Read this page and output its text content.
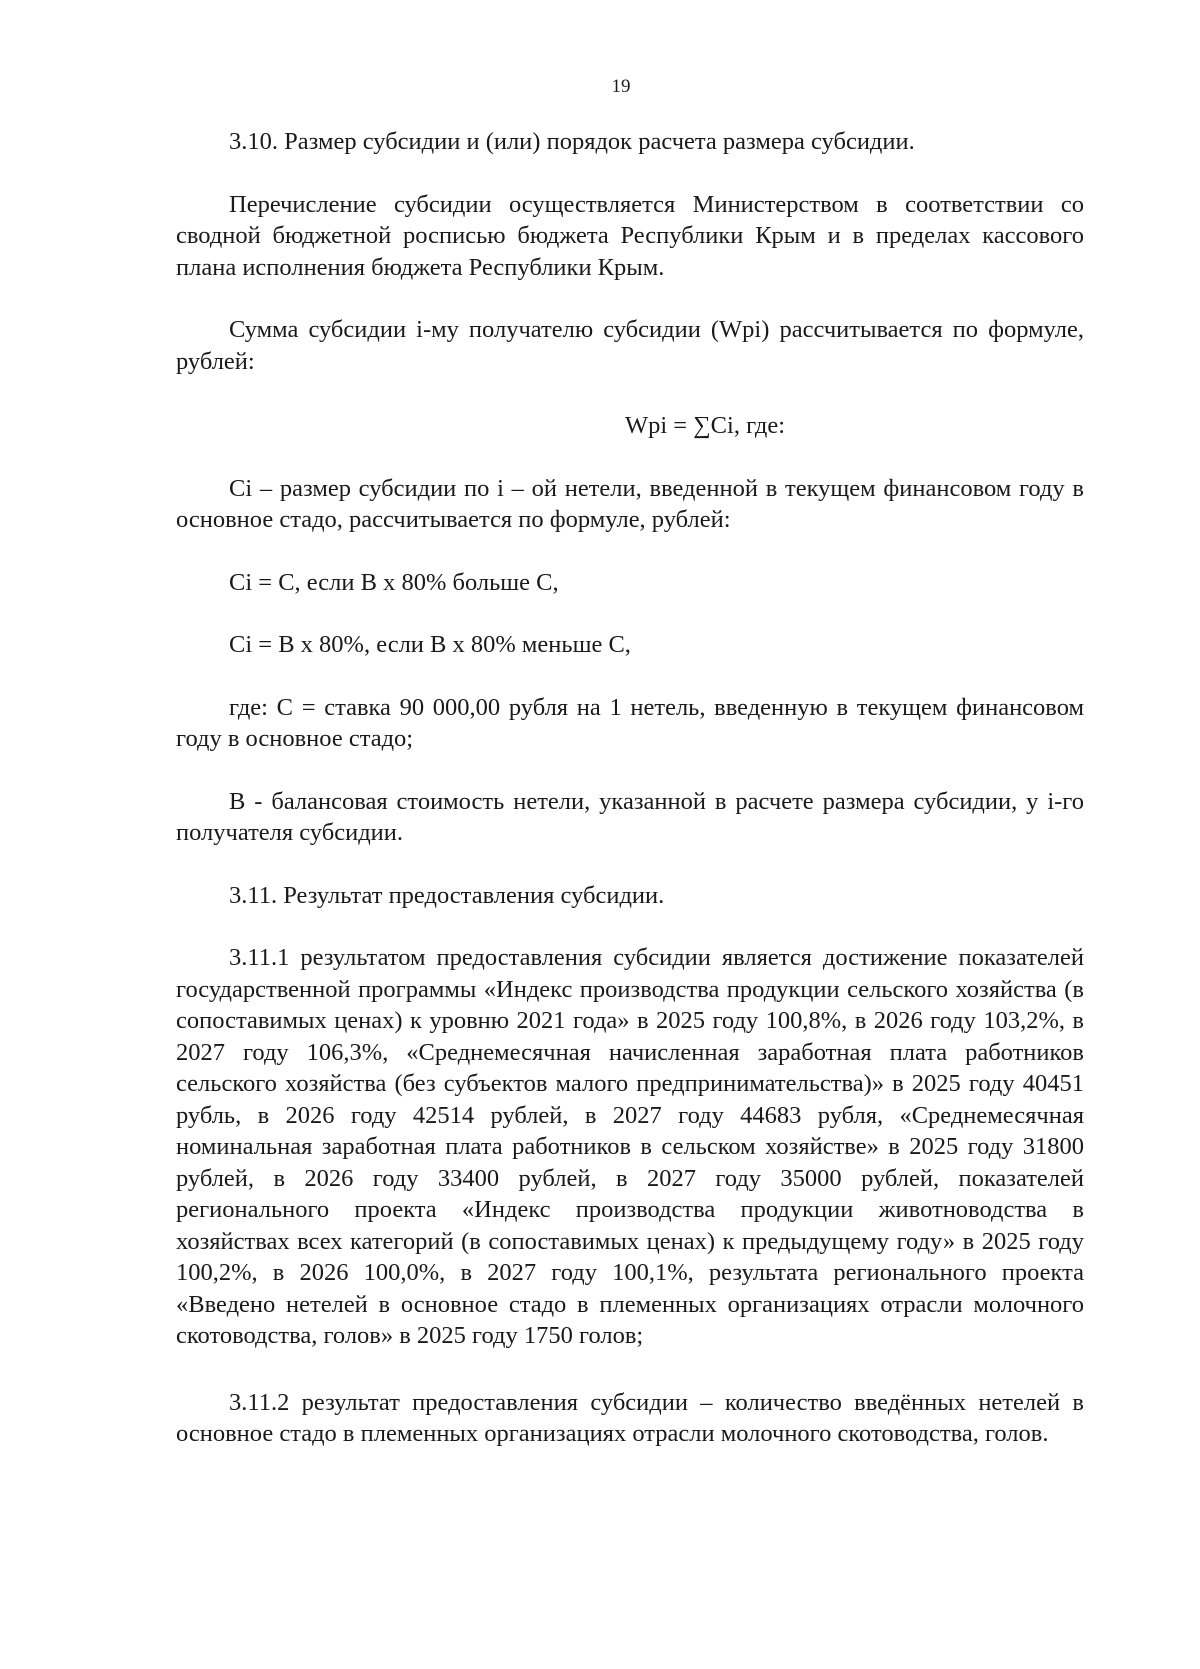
19

3.10. Размер субсидии и (или) порядок расчета размера субсидии.

Перечисление субсидии осуществляется Министерством в соответствии со сводной бюджетной росписью бюджета Республики Крым и в пределах кассового плана исполнения бюджета Республики Крым.

Сумма субсидии i-му получателю субсидии (Wpi) рассчитывается по формуле, рублей:

Wpi = ∑Ci, где:

Ci – размер субсидии по i – ой нетели, введенной в текущем финансовом году в основное стадо, рассчитывается по формуле, рублей:

Ci = C, если B x 80% больше C,

Ci = B x 80%, если B x 80% меньше C,

где: C = ставка 90 000,00 рубля на 1 нетель, введенную в текущем финансовом году в основное стадо;

B - балансовая стоимость нетели, указанной в расчете размера субсидии, у i-го получателя субсидии.

3.11. Результат предоставления субсидии.

3.11.1 результатом предоставления субсидии является достижение показателей государственной программы «Индекс производства продукции сельского хозяйства (в сопоставимых ценах) к уровню 2021 года» в 2025 году 100,8%, в 2026 году 103,2%, в 2027 году 106,3%, «Среднемесячная начисленная заработная плата работников сельского хозяйства (без субъектов малого предпринимательства)» в 2025 году 40451 рубль, в 2026 году 42514 рублей, в 2027 году 44683 рубля, «Среднемесячная номинальная заработная плата работников в сельском хозяйстве» в 2025 году 31800 рублей, в 2026 году 33400 рублей, в 2027 году 35000 рублей, показателей регионального проекта «Индекс производства продукции животноводства в хозяйствах всех категорий (в сопоставимых ценах) к предыдущему году» в 2025 году 100,2%, в 2026 100,0%, в 2027 году 100,1%, результата регионального проекта «Введено нетелей в основное стадо в племенных организациях отрасли молочного скотоводства, голов» в 2025 году 1750 голов;

3.11.2 результат предоставления субсидии – количество введённых нетелей в основное стадо в племенных организациях отрасли молочного скотоводства, голов.
